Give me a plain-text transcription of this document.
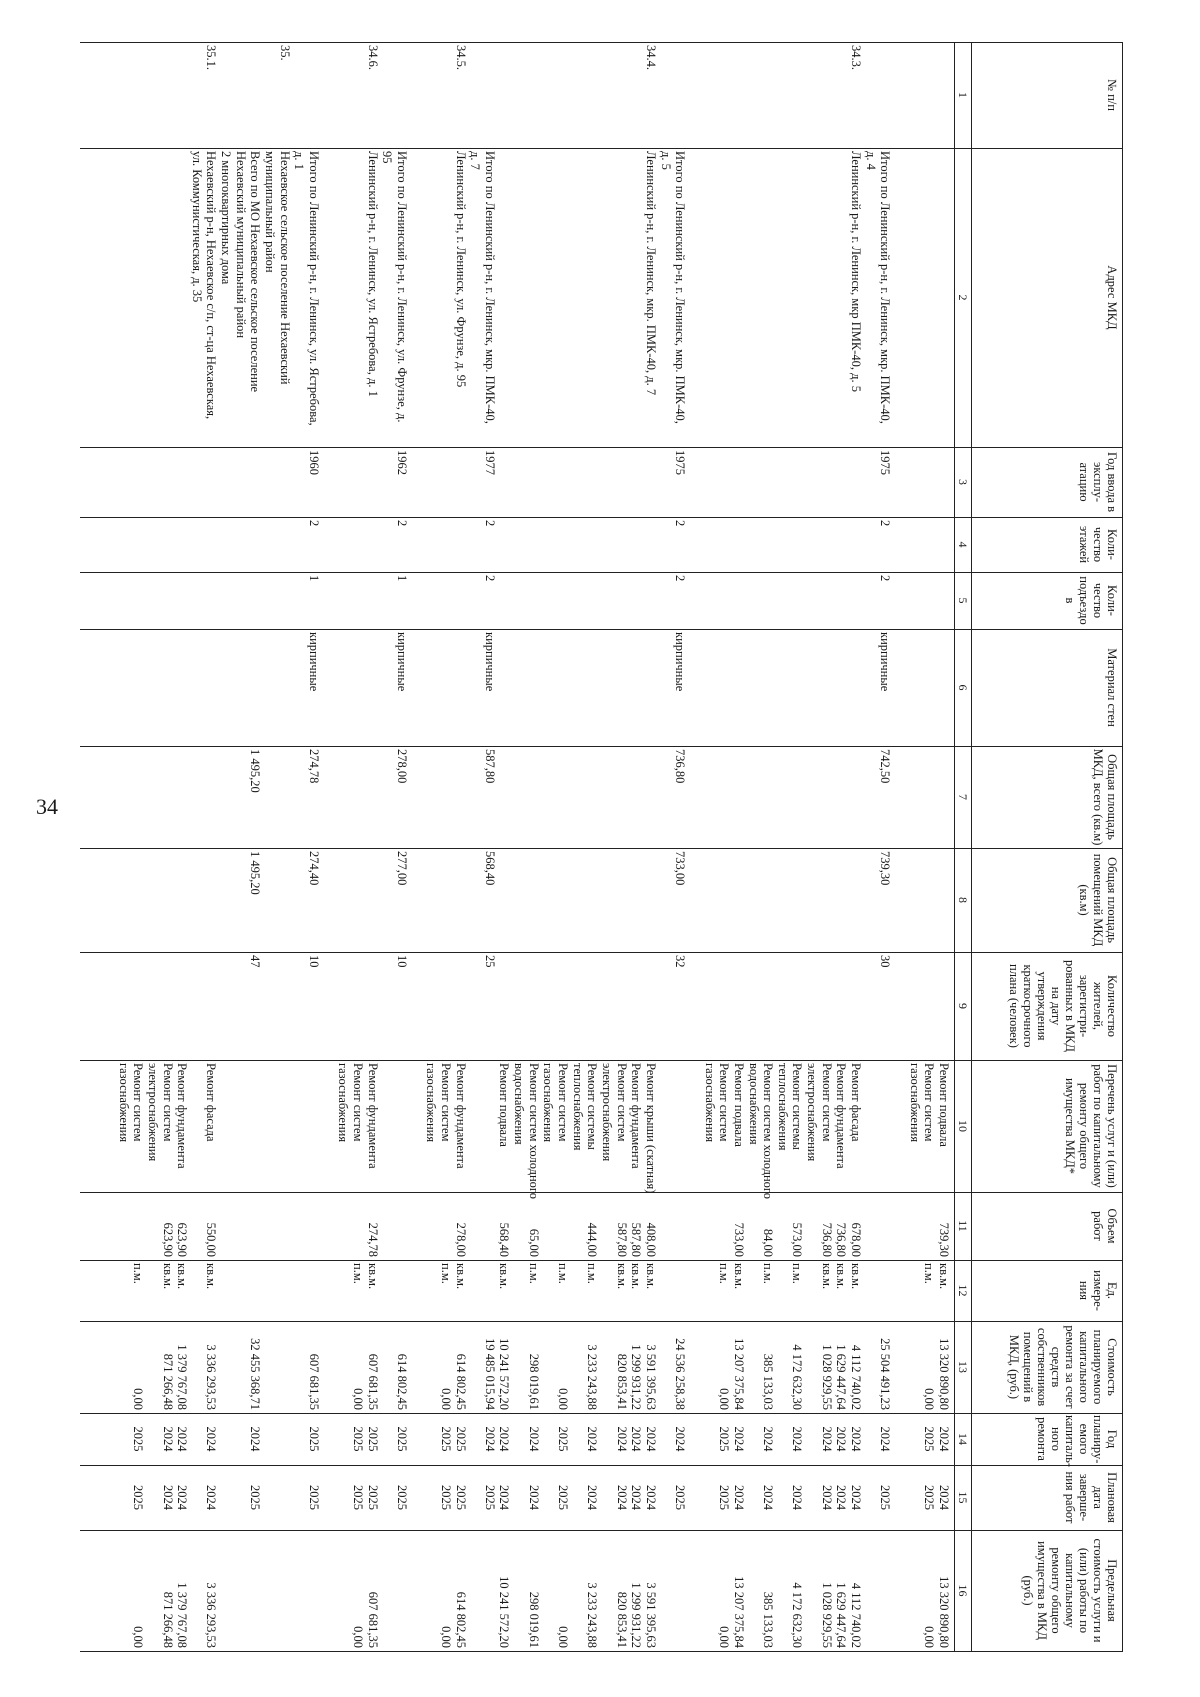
34
№ п/п
Адрес МКД
Год ввода в эксплу-атацию
Коли-чество этажей
Коли-чество подъездо в
Материал стен
Общая площадь МКД, всего (кв.м)
Общая площадь помещений МКД (кв.м)
Количество жителей, зарегистри-рованных в МКД на дату утверждения краткосрочного плана (человек)
Перечень услуг и (или) работ по капитальному ремонту общего имущества МКД*
Объем работ
Ед. измере-ния
Стоимость планируемого капитального ремонта за счет средств собственников помещений в МКД, (руб.)
Год планиру-емого капиталь-ного ремонта
Плановая дата заверше-ния работ
Предельная стоимость услуги и (или) работы по капитальному ремонту общего имущества в МКД (руб.)
1
2
3
4
5
6
7
8
9
10
11
12
13
14
15
16
Ремонт подвала
739,30
кв.м.
13 320 890,80
2024
2024
13 320 890,80
Ремонт систем
п.м.
0,00
2025
2025
0,00
газоснабжения
Итого по Ленинский р-н, г. Ленинск, мкр. ПМК-40,
1975
2
2
кирпичные
742,50
739,30
30
25 504 491,23
2024
2025
д. 4
34.3.
Ленинский р-н, г. Ленинск, мкр ПМК-40, д. 5
Ремонт фасада
678,00
кв.м.
4 112 740,02
2024
2024
4 112 740,02
Ремонт фундамента
736,80
кв.м.
1 629 447,64
2024
2024
1 629 447,64
Ремонт систем
736,80
кв.м.
1 028 929,55
2024
2024
1 028 929,55
электроснабжения
Ремонт системы
573,00
п.м.
4 172 632,30
2024
2024
4 172 632,30
теплоснабжения
Ремонт систем холодного
84,00
п.м.
385 133,03
2024
2024
385 133,03
водоснабжения
Ремонт подвала
733,00
кв.м.
13 207 375,84
2024
2024
13 207 375,84
Ремонт систем
п.м.
0,00
2025
2025
0,00
газоснабжения
Итого по Ленинский р-н, г. Ленинск, мкр. ПМК-40,
1975
2
2
кирпичные
736,80
733,00
32
24 536 258,38
2024
2025
д. 5
34.4.
Ленинский р-н, г. Ленинск, мкр. ПМК-40, д. 7
Ремонт крыши (скатная)
408,00
кв.м.
3 591 395,63
2024
2024
3 591 395,63
Ремонт фундамента
587,80
кв.м.
1 299 931,22
2024
2024
1 299 931,22
Ремонт систем
587,80
кв.м.
820 853,41
2024
2024
820 853,41
электроснабжения
Ремонт системы
444,00
п.м.
3 233 243,88
2024
2024
3 233 243,88
теплоснабжения
Ремонт систем
п.м.
0,00
2025
2025
0,00
газоснабжения
Ремонт систем холодного
65,00
п.м.
298 019,61
2024
2024
298 019,61
водоснабжения
Ремонт подвала
568,40
кв.м.
10 241 572,20
2024
2024
10 241 572,20
Итого по Ленинский р-н, г. Ленинск, мкр. ПМК-40,
1977
2
2
кирпичные
587,80
568,40
25
19 485 015,94
2024
2025
д. 7
34.5.
Ленинский р-н, г. Ленинск, ул. Фрунзе, д. 95
Ремонт фундамента
278,00
кв.м.
614 802,45
2025
2025
614 802,45
Ремонт систем
п.м.
0,00
2025
2025
0,00
газоснабжения
Итого по Ленинский р-н, г. Ленинск, ул. Фрунзе, д.
1962
2
1
кирпичные
278,00
277,00
10
614 802,45
2025
2025
95
34.6.
Ленинский р-н, г. Ленинск, ул. Ястребова, д. 1
Ремонт фундамента
274,78
кв.м.
607 681,35
2025
2025
607 681,35
Ремонт систем
п.м.
0,00
2025
2025
0,00
газоснабжения
Итого по Ленинский р-н, г. Ленинск, ул. Ястребова,
1960
2
1
кирпичные
274,78
274,40
10
607 681,35
2025
2025
д. 1
35.
Нехаевское сельское поселение Нехаевский
муниципальный район
Всего по МО Нехаевское сельское поселение
1 495,20
1 495,20
47
32 455 368,71
2024
2025
Нехаевский муниципальный район
2 многоквартирных дома
35.1.
Нехаевский р-н, Нехаевское с/п, ст-ца Нехаевская,
Ремонт фасада
550,00
кв.м.
3 336 293,53
2024
2024
3 336 293,53
ул. Коммунистическая, д. 35
Ремонт фундамента
623,90
кв.м.
1 379 767,08
2024
2024
1 379 767,08
Ремонт систем
623,90
кв.м.
871 266,48
2024
2024
871 266,48
электроснабжения
Ремонт систем
п.м.
0,00
2025
2025
0,00
газоснабжения
